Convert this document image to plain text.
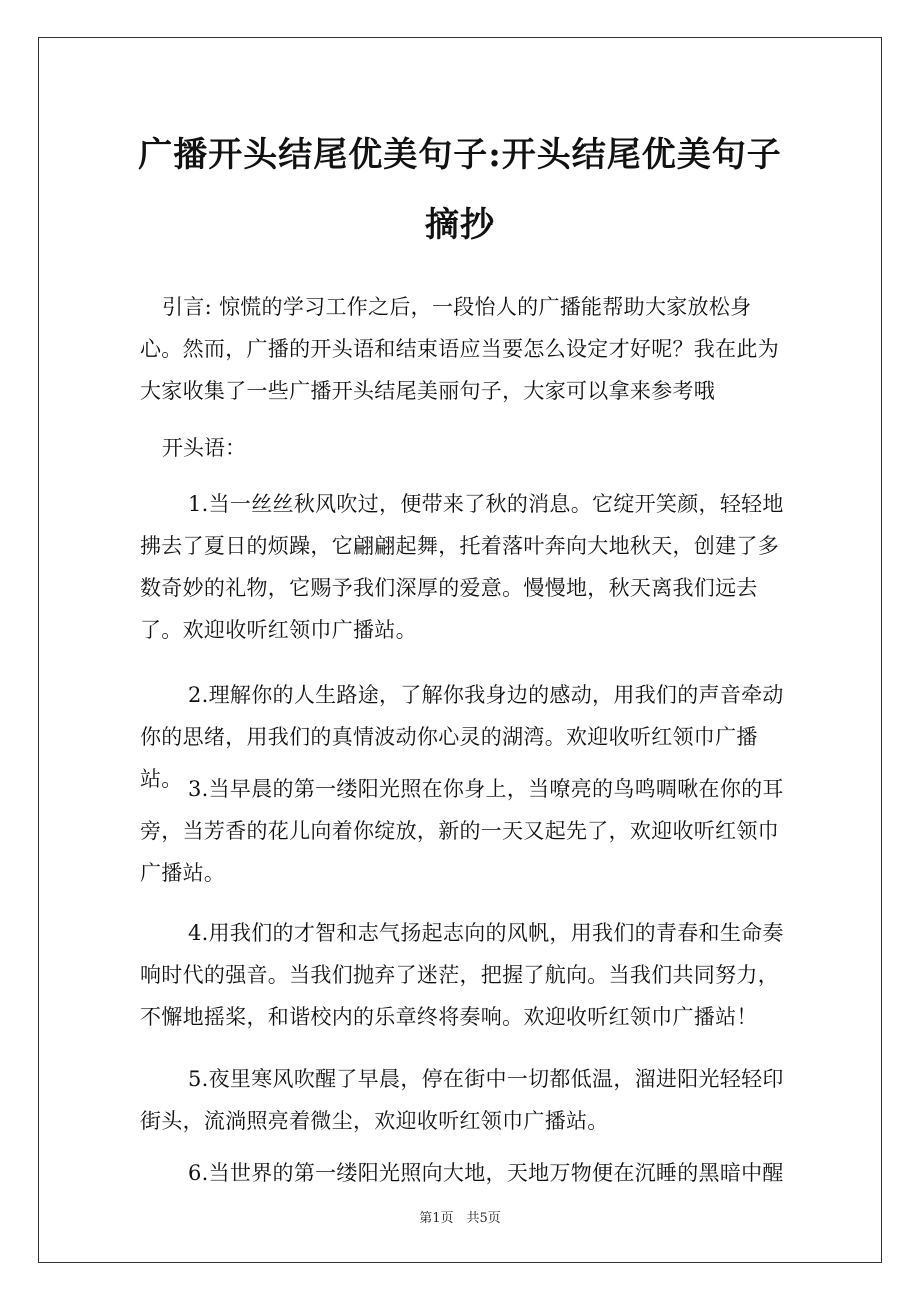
广播开头结尾优美句子:开头结尾优美句子
摘抄
引言: 惊慌的学习工作之后，一段怡人的广播能帮助大家放松身心。然而，广播的开头语和结束语应当要怎么设定才好呢？我在此为大家收集了一些广播开头结尾美丽句子，大家可以拿来参考哦
开头语：
1.当一丝丝秋风吹过，便带来了秋的消息。它绽开笑颜，轻轻地拂去了夏日的烦躁，它翩翩起舞，托着落叶奔向大地秋天，创建了多数奇妙的礼物，它赐予我们深厚的爱意。慢慢地，秋天离我们远去了。欢迎收听红领巾广播站。
2.理解你的人生路途，了解你我身边的感动，用我们的声音牵动你的思绪，用我们的真情波动你心灵的湖湾。欢迎收听红领巾广播站。 3.当早晨的第一缕阳光照在你身上，当嘹亮的鸟鸣啁啾在你的耳旁，当芳香的花儿向着你绽放，新的一天又起先了，欢迎收听红领巾广播站。
4.用我们的才智和志气扬起志向的风帆，用我们的青春和生命奏响时代的强音。当我们抛弃了迷茫，把握了航向。当我们共同努力，不懈地摇桨，和谐校内的乐章终将奏响。欢迎收听红领巾广播站！
5.夜里寒风吹醒了早晨，停在街中一切都低温，溜进阳光轻轻印街头，流淌照亮着微尘，欢迎收听红领巾广播站。
6.当世界的第一缕阳光照向大地，天地万物便在沉睡的黑暗中醒
第1页　共5页
